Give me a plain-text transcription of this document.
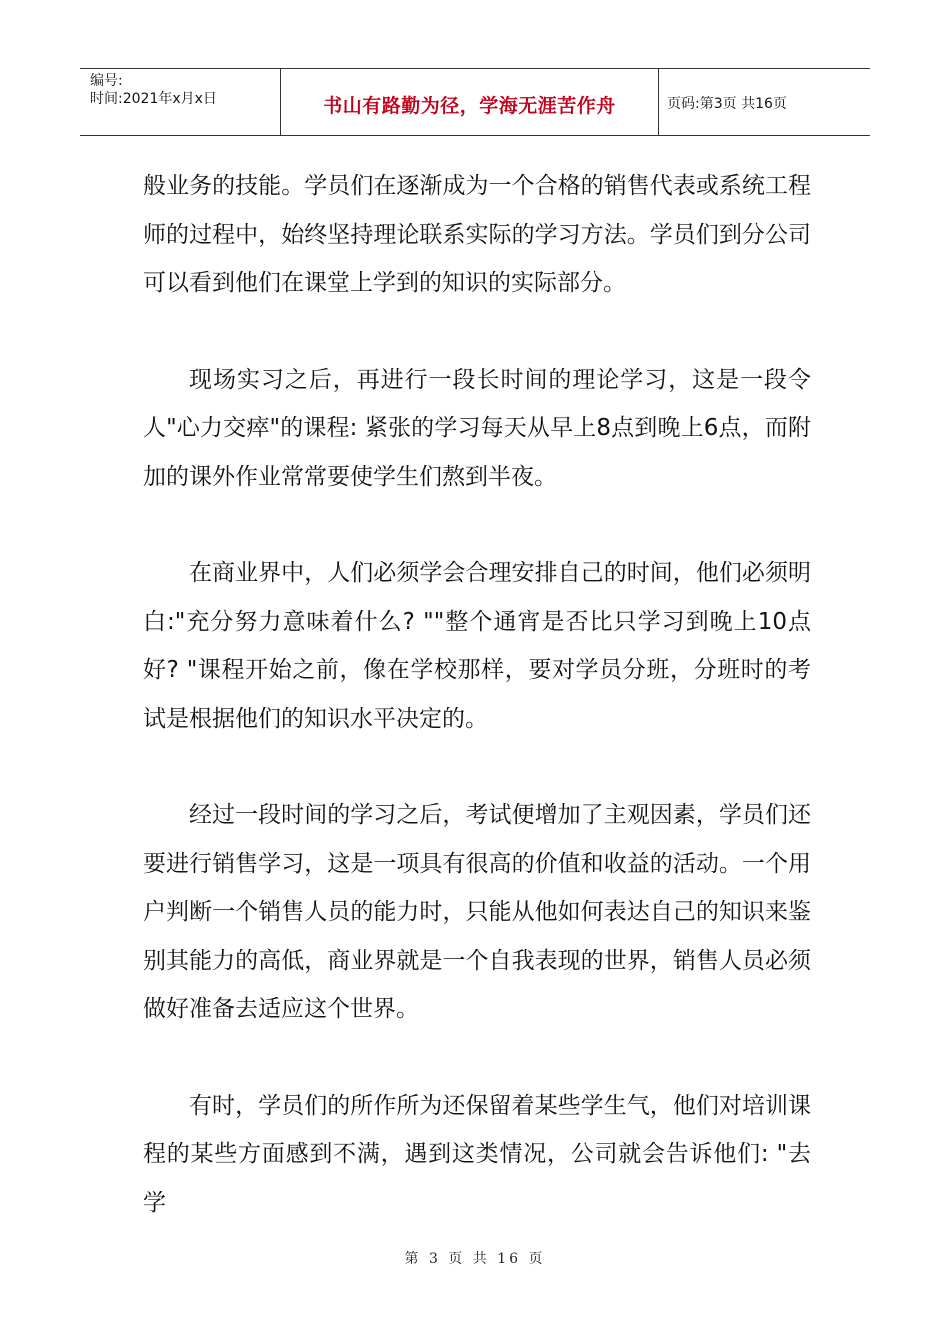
编号:
时间:2021年x月x日	书山有路勤为径，学海无涯苦作舟	页码:第3页 共16页

般业务的技能。学员们在逐渐成为一个合格的销售代表或系统工程师的过程中，始终坚持理论联系实际的学习方法。学员们到分公司可以看到他们在课堂上学到的知识的实际部分。

现场实习之后，再进行一段长时间的理论学习，这是一段令人"心力交瘁"的课程: 紧张的学习每天从早上8点到晚上6点，而附加的课外作业常常要使学生们熬到半夜。

在商业界中，人们必须学会合理安排自己的时间，他们必须明白:"充分努力意味着什么? ""整个通宵是否比只学习到晚上10点好? "课程开始之前，像在学校那样，要对学员分班，分班时的考试是根据他们的知识水平决定的。

经过一段时间的学习之后，考试便增加了主观因素，学员们还要进行销售学习，这是一项具有很高的价值和收益的活动。一个用户判断一个销售人员的能力时，只能从他如何表达自己的知识来鉴别其能力的高低，商业界就是一个自我表现的世界，销售人员必须做好准备去适应这个世界。

有时，学员们的所作所为还保留着某些学生气，他们对培训课程的某些方面感到不满，遇到这类情况，公司就会告诉他们: "去学

第 3 页 共 16 页
